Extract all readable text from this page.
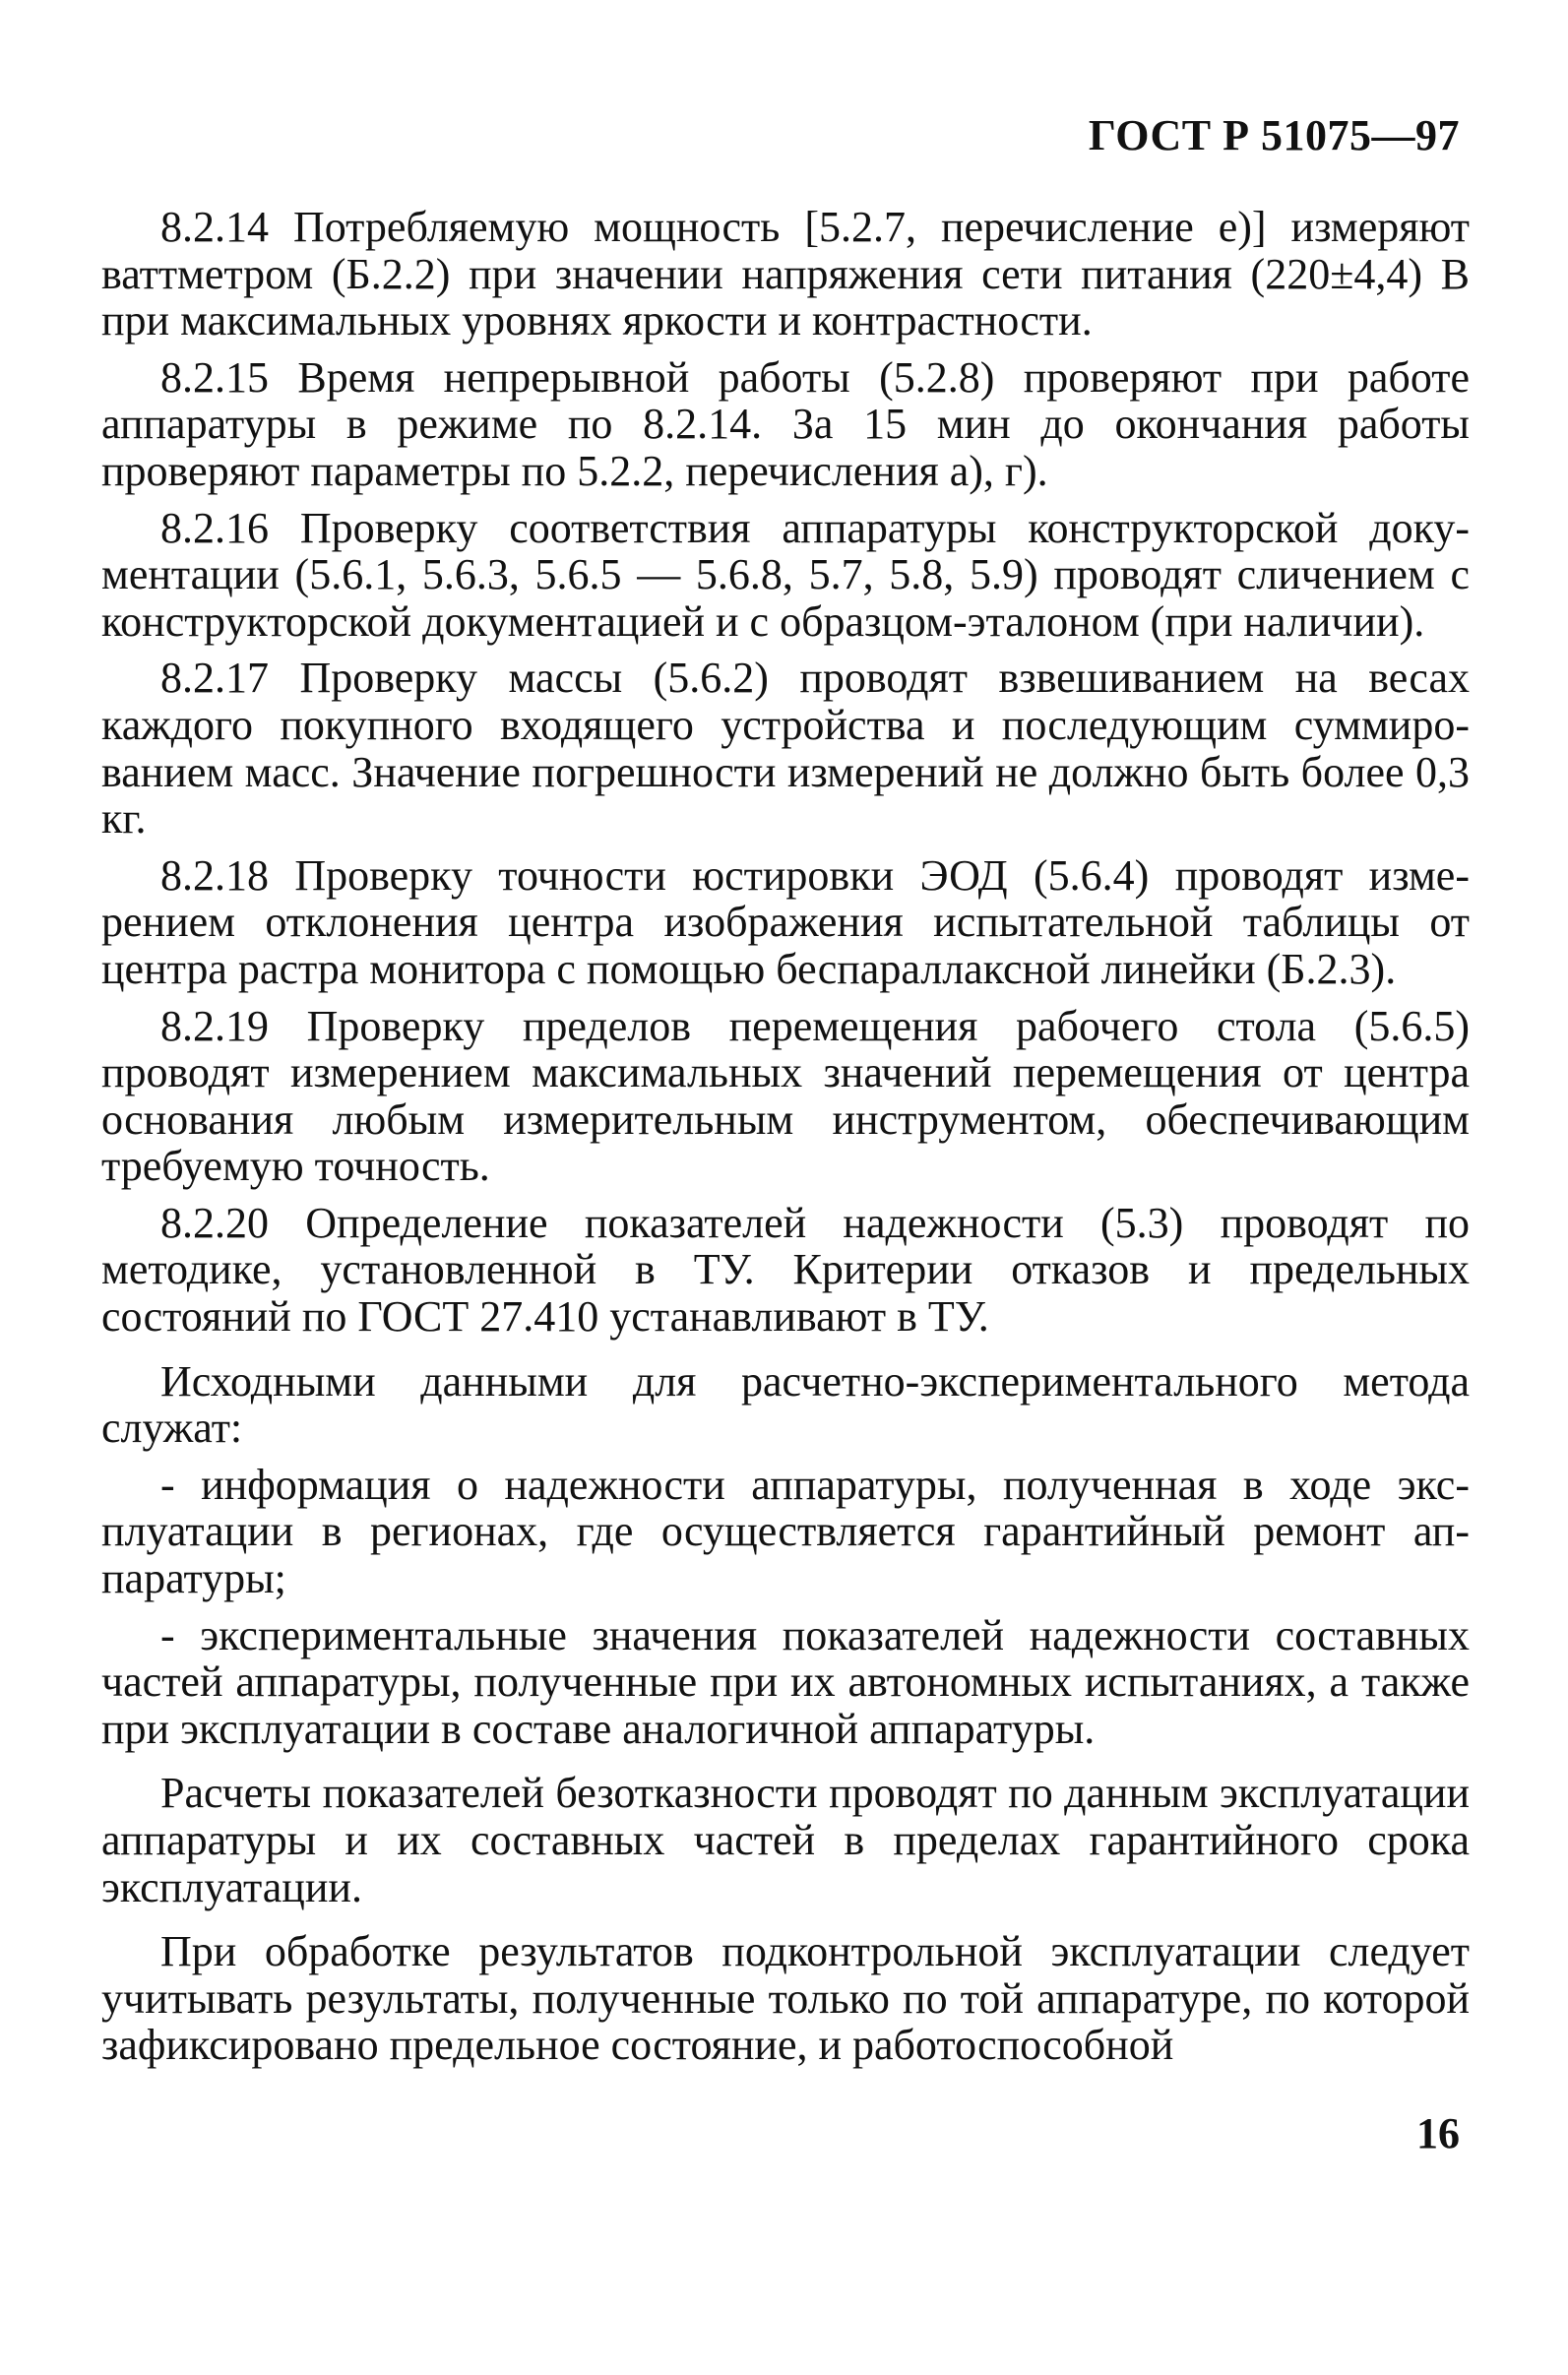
ГОСТ Р 51075—97

8.2.14 Потребляемую мощность [5.2.7, перечисление е)] измеряют ваттметром (Б.2.2) при значении напряжения сети питания (220±4,4) В при максимальных уровнях яркости и контрастности.

8.2.15 Время непрерывной работы (5.2.8) проверяют при работе аппаратуры в режиме по 8.2.14. За 15 мин до окончания работы проверяют параметры по 5.2.2, перечисления а), г).

8.2.16 Проверку соответствия аппаратуры конструкторской документации (5.6.1, 5.6.3, 5.6.5 — 5.6.8, 5.7, 5.8, 5.9) проводят сличением с конструкторской документацией и с образцом-эталоном (при наличии).

8.2.17 Проверку массы (5.6.2) проводят взвешиванием на весах каждого покупного входящего устройства и последующим суммированием масс. Значение погрешности измерений не должно быть более 0,3 кг.

8.2.18 Проверку точности юстировки ЭОД (5.6.4) проводят измерением отклонения центра изображения испытательной таблицы от центра растра монитора с помощью беспараллаксной линейки (Б.2.3).

8.2.19 Проверку пределов перемещения рабочего стола (5.6.5) проводят измерением максимальных значений перемещения от центра основания любым измерительным инструментом, обеспечивающим требуемую точность.

8.2.20 Определение показателей надежности (5.3) проводят по методике, установленной в ТУ. Критерии отказов и предельных состояний по ГОСТ 27.410 устанавливают в ТУ.

Исходными данными для расчетно-экспериментального метода служат:

- информация о надежности аппаратуры, полученная в ходе эксплуатации в регионах, где осуществляется гарантийный ремонт аппаратуры;

- экспериментальные значения показателей надежности составных частей аппаратуры, полученные при их автономных испытаниях, а также при эксплуатации в составе аналогичной аппаратуры.

Расчеты показателей безотказности проводят по данным эксплуатации аппаратуры и их составных частей в пределах гарантийного срока эксплуатации.

При обработке результатов подконтрольной эксплуатации следует учитывать результаты, полученные только по той аппаратуре, по которой зафиксировано предельное состояние, и работоспособной

16
